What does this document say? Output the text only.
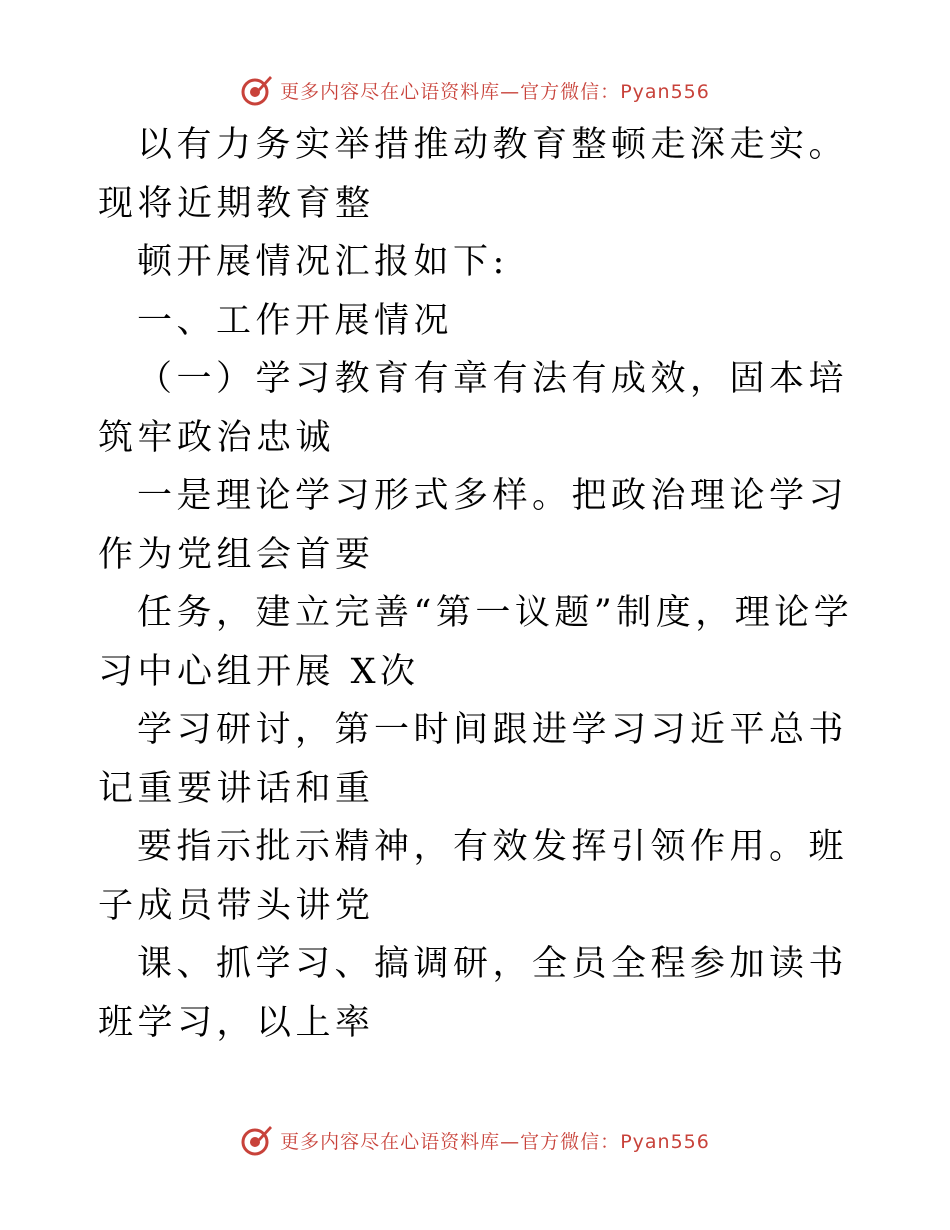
更多内容尽在心语资料库—官方微信：Pyan556

以有力务实举措推动教育整顿走深走实。现将近期教育整

顿开展情况汇报如下:

一、工作开展情况

（一）学习教育有章有法有成效，固本培筑牢政治忠诚

一是理论学习形式多样。把政治理论学习作为党组会首要

任务，建立完善“第一议题”制度，理论学习中心组开展 X次

学习研讨，第一时间跟进学习习近平总书记重要讲话和重

要指示批示精神，有效发挥引领作用。班子成员带头讲党

课、抓学习、搞调研，全员全程参加读书班学习，以上率

更多内容尽在心语资料库—官方微信：Pyan556
